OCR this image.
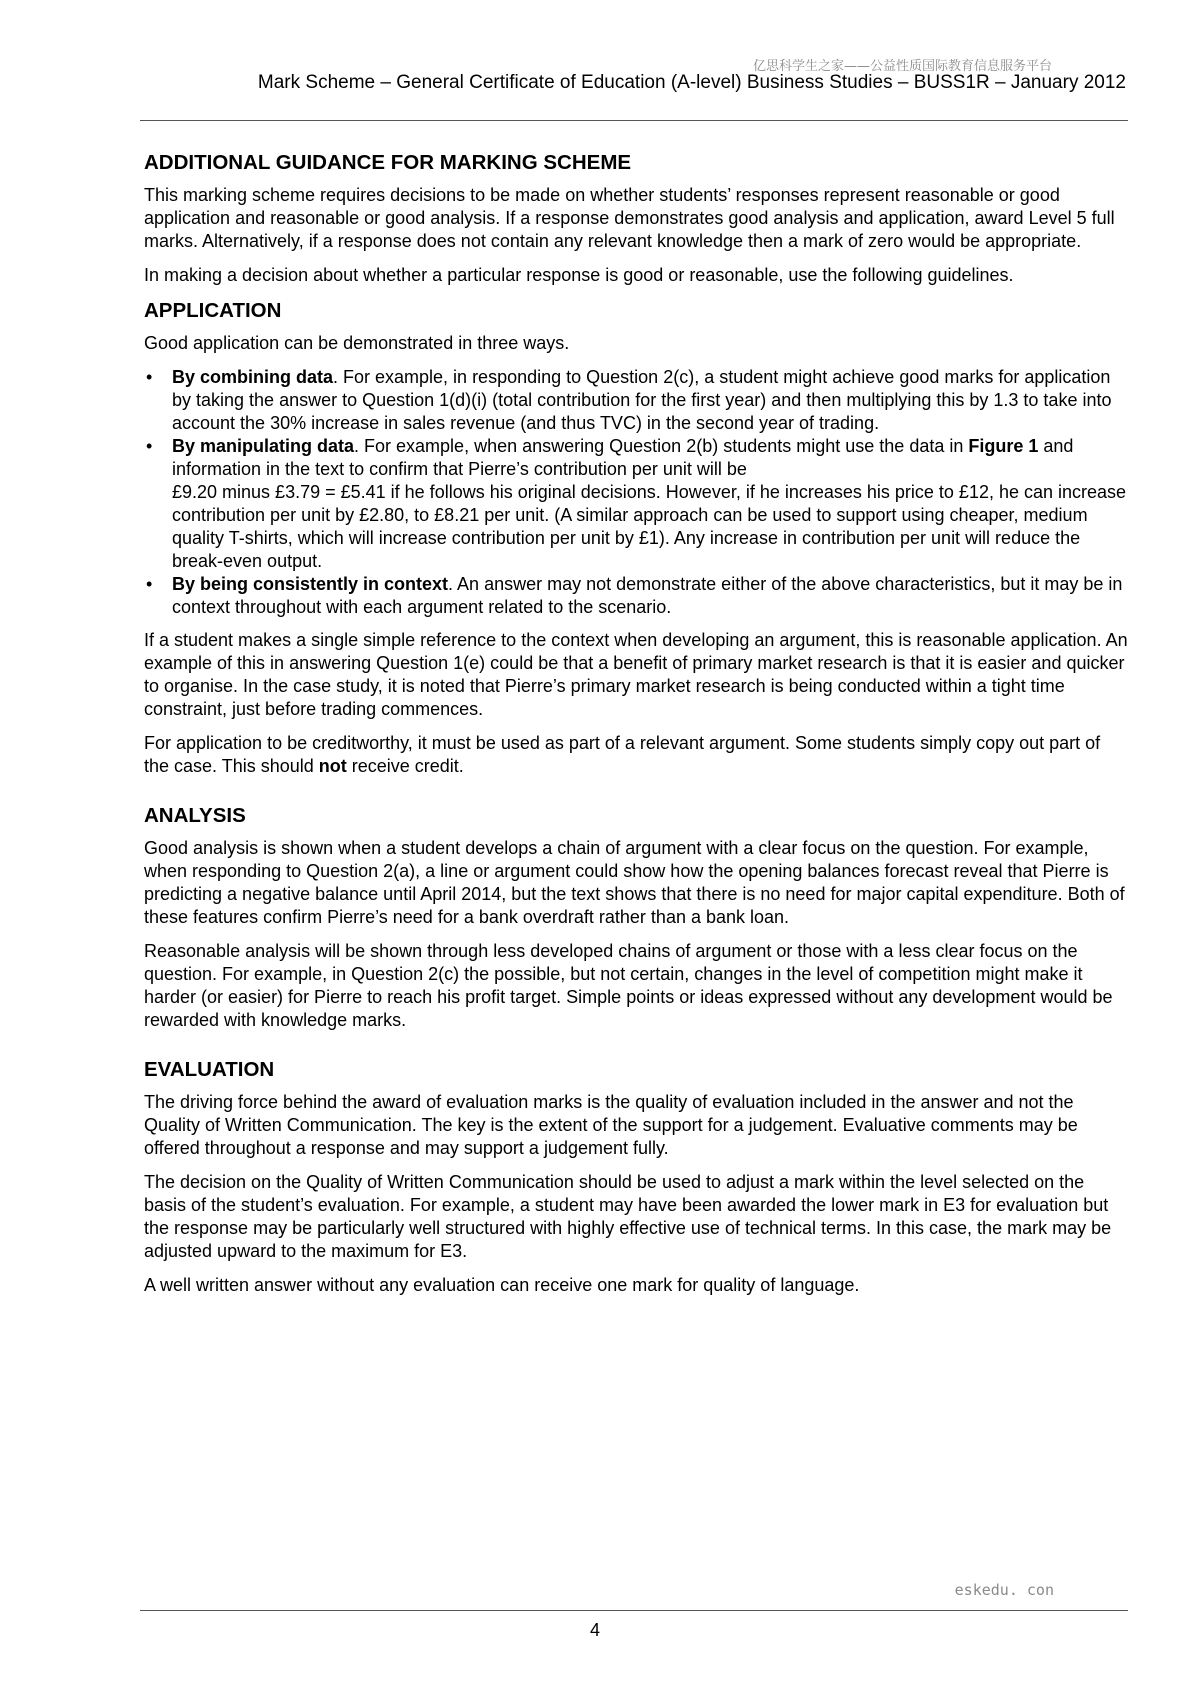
亿思科学生之家——公益性质国际教育信息服务平台
Mark Scheme – General Certificate of Education (A-level) Business Studies – BUSS1R – January 2012
ADDITIONAL GUIDANCE FOR MARKING SCHEME

This marking scheme requires decisions to be made on whether students’ responses represent reasonable or good application and reasonable or good analysis. If a response demonstrates good analysis and application, award Level 5 full marks. Alternatively, if a response does not contain any relevant knowledge then a mark of zero would be appropriate.

In making a decision about whether a particular response is good or reasonable, use the following guidelines.

APPLICATION

Good application can be demonstrated in three ways.

• By combining data. For example, in responding to Question 2(c), a student might achieve good marks for application by taking the answer to Question 1(d)(i) (total contribution for the first year) and then multiplying this by 1.3 to take into account the 30% increase in sales revenue (and thus TVC) in the second year of trading.
• By manipulating data. For example, when answering Question 2(b) students might use the data in Figure 1 and information in the text to confirm that Pierre’s contribution per unit will be
£9.20 minus £3.79 = £5.41 if he follows his original decisions. However, if he increases his price to £12, he can increase contribution per unit by £2.80, to £8.21 per unit. (A similar approach can be used to support using cheaper, medium quality T-shirts, which will increase contribution per unit by £1). Any increase in contribution per unit will reduce the break-even output.
• By being consistently in context. An answer may not demonstrate either of the above characteristics, but it may be in context throughout with each argument related to the scenario.

If a student makes a single simple reference to the context when developing an argument, this is reasonable application. An example of this in answering Question 1(e) could be that a benefit of primary market research is that it is easier and quicker to organise. In the case study, it is noted that Pierre’s primary market research is being conducted within a tight time constraint, just before trading commences.

For application to be creditworthy, it must be used as part of a relevant argument. Some students simply copy out part of the case. This should not receive credit.

ANALYSIS

Good analysis is shown when a student develops a chain of argument with a clear focus on the question. For example, when responding to Question 2(a), a line or argument could show how the opening balances forecast reveal that Pierre is predicting a negative balance until April 2014, but the text shows that there is no need for major capital expenditure. Both of these features confirm Pierre’s need for a bank overdraft rather than a bank loan.

Reasonable analysis will be shown through less developed chains of argument or those with a less clear focus on the question. For example, in Question 2(c) the possible, but not certain, changes in the level of competition might make it harder (or easier) for Pierre to reach his profit target. Simple points or ideas expressed without any development would be rewarded with knowledge marks.

EVALUATION

The driving force behind the award of evaluation marks is the quality of evaluation included in the answer and not the Quality of Written Communication. The key is the extent of the support for a judgement. Evaluative comments may be offered throughout a response and may support a judgement fully.

The decision on the Quality of Written Communication should be used to adjust a mark within the level selected on the basis of the student’s evaluation. For example, a student may have been awarded the lower mark in E3 for evaluation but the response may be particularly well structured with highly effective use of technical terms. In this case, the mark may be adjusted upward to the maximum for E3.

A well written answer without any evaluation can receive one mark for quality of language.

eskedu. con
4
